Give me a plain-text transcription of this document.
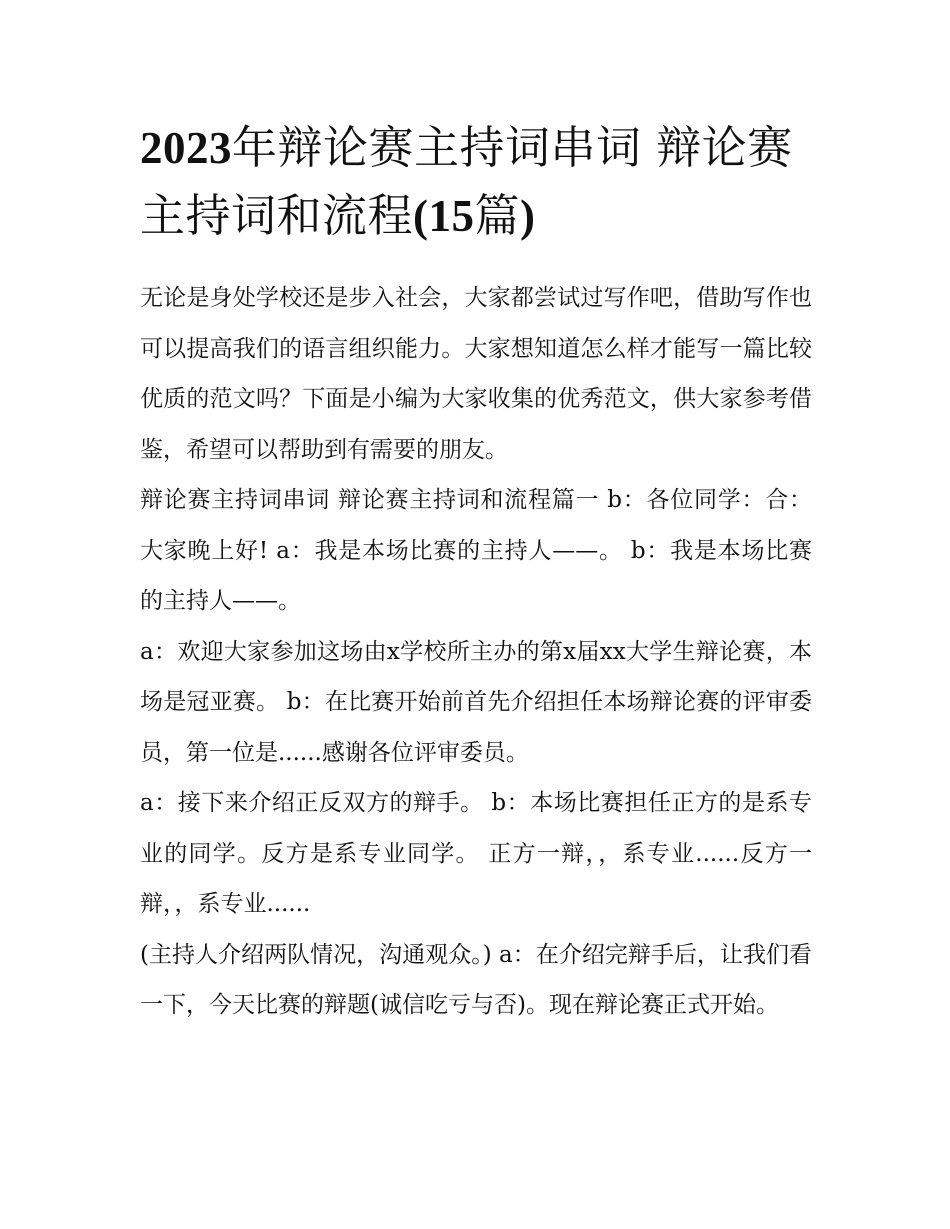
2023年辩论赛主持词串词 辩论赛主持词和流程(15篇)

无论是身处学校还是步入社会，大家都尝试过写作吧，借助写作也可以提高我们的语言组织能力。大家想知道怎么样才能写一篇比较优质的范文吗？下面是小编为大家收集的优秀范文，供大家参考借鉴，希望可以帮助到有需要的朋友。

辩论赛主持词串词 辩论赛主持词和流程篇一 b：各位同学：合：大家晚上好! a：我是本场比赛的主持人——。 b：我是本场比赛的主持人——。

a：欢迎大家参加这场由x学校所主办的第x届xx大学生辩论赛，本场是冠亚赛。 b：在比赛开始前首先介绍担任本场辩论赛的评审委员，第一位是......感谢各位评审委员。

a：接下来介绍正反双方的辩手。 b：本场比赛担任正方的是系专业的同学。反方是系专业同学。 正方一辩，，系专业......反方一辩，，系专业......

(主持人介绍两队情况，沟通观众。) a：在介绍完辩手后，让我们看一下，今天比赛的辩题(诚信吃亏与否)。现在辩论赛正式开始。
